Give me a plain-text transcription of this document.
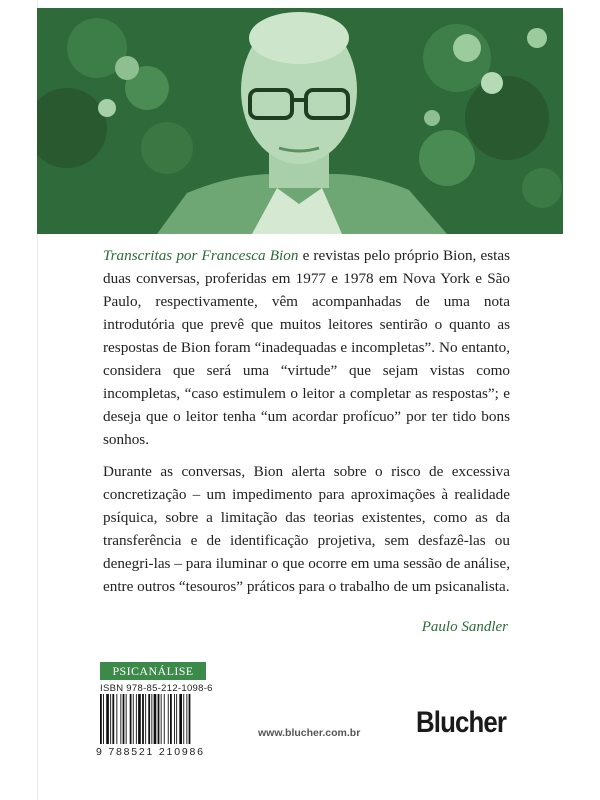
Transcritas por Francesca Bion e revistas pelo próprio Bion, estas duas conversas, proferidas em 1977 e 1978 em Nova York e São Paulo, respectivamente, vêm acompanhadas de uma nota introdutória que prevê que muitos leitores sentirão o quanto as respostas de Bion foram “inadequadas e incompletas”. No entanto, considera que será uma “virtude” que sejam vistas como incompletas, “caso estimulem o leitor a completar as respostas”; e deseja que o leitor tenha “um acordar profícuo” por ter tido bons sonhos.

Durante as conversas, Bion alerta sobre o risco de excessiva concretização – um impedimento para aproximações à realidade psíquica, sobre a limitação das teorias existentes, como as da transferência e de identificação projetiva, sem desfazê-las ou denegri-las – para iluminar o que ocorre em uma sessão de análise, entre outros “tesouros” práticos para o trabalho de um psicanalista.

Paulo Sandler
PSICANÁLISE
ISBN 978-85-212-1098-6
9 788521 210986
www.blucher.com.br Blucher
